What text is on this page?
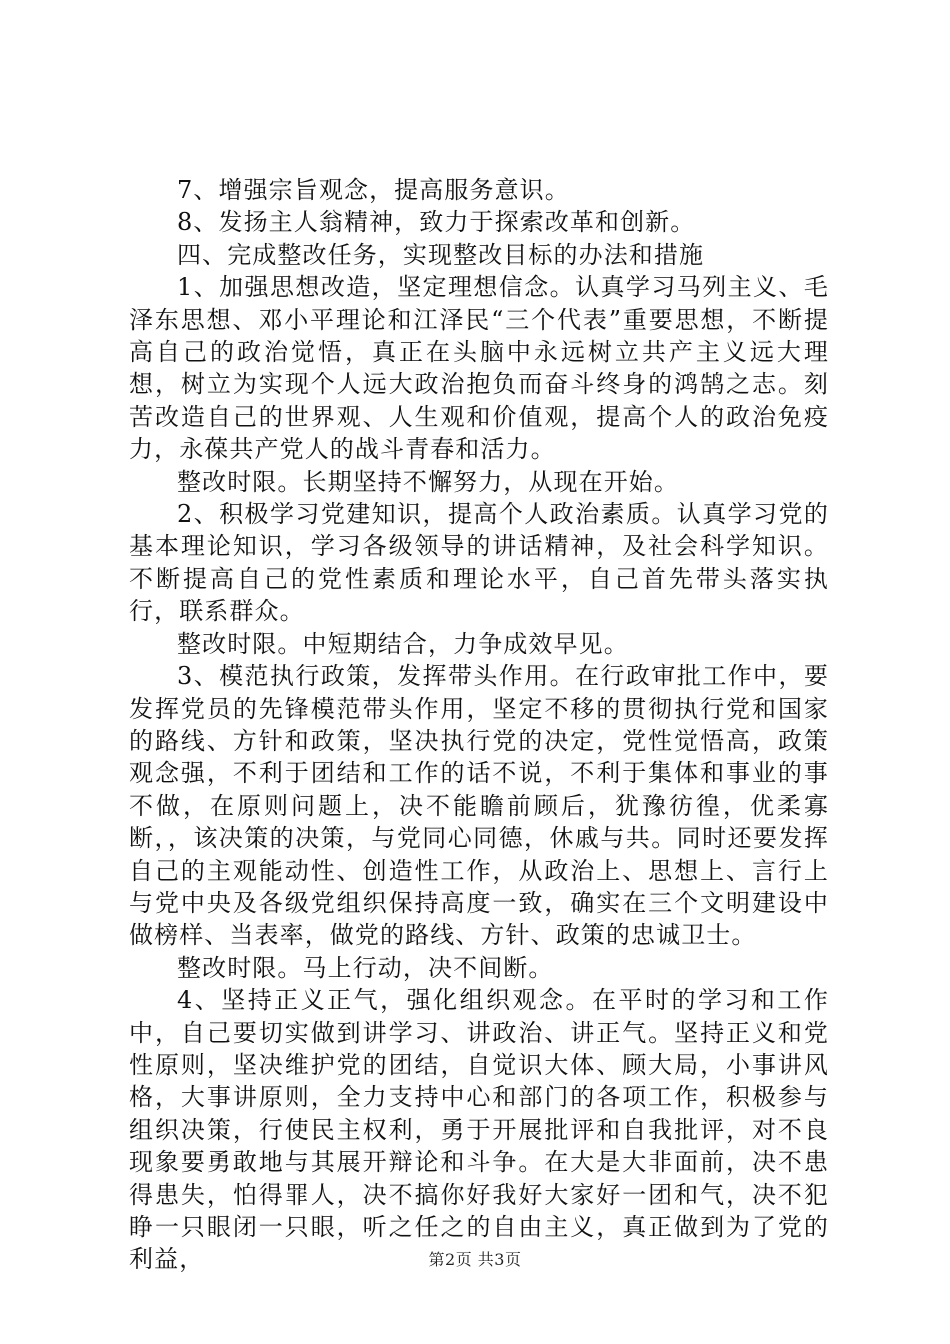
7、增强宗旨观念，提高服务意识。

8、发扬主人翁精神，致力于探索改革和创新。

四、完成整改任务，实现整改目标的办法和措施

1、加强思想改造，坚定理想信念。认真学习马列主义、毛泽东思想、邓小平理论和江泽民“三个代表”重要思想，不断提高自己的政治觉悟，真正在头脑中永远树立共产主义远大理想，树立为实现个人远大政治抱负而奋斗终身的鸿鹄之志。刻苦改造自己的世界观、人生观和价值观，提高个人的政治免疫力，永葆共产党人的战斗青春和活力。

整改时限。长期坚持不懈努力，从现在开始。

2、积极学习党建知识，提高个人政治素质。认真学习党的基本理论知识，学习各级领导的讲话精神，及社会科学知识。不断提高自己的党性素质和理论水平，自己首先带头落实执行，联系群众。

整改时限。中短期结合，力争成效早见。

3、模范执行政策，发挥带头作用。在行政审批工作中，要发挥党员的先锋模范带头作用，坚定不移的贯彻执行党和国家的路线、方针和政策，坚决执行党的决定，党性觉悟高，政策观念强，不利于团结和工作的话不说，不利于集体和事业的事不做，在原则问题上，决不能瞻前顾后，犹豫彷徨，优柔寡断，，该决策的决策，与党同心同德，休戚与共。同时还要发挥自己的主观能动性、创造性工作，从政治上、思想上、言行上与党中央及各级党组织保持高度一致，确实在三个文明建设中做榜样、当表率，做党的路线、方针、政策的忠诚卫士。

整改时限。马上行动，决不间断。

4、坚持正义正气，强化组织观念。在平时的学习和工作中，自己要切实做到讲学习、讲政治、讲正气。坚持正义和党性原则，坚决维护党的团结，自觉识大体、顾大局，小事讲风格，大事讲原则，全力支持中心和部门的各项工作，积极参与组织决策，行使民主权利，勇于开展批评和自我批评，对不良现象要勇敢地与其展开辩论和斗争。在大是大非面前，决不患得患失，怕得罪人，决不搞你好我好大家好一团和气，决不犯睁一只眼闭一只眼，听之任之的自由主义，真正做到为了党的利益，	第2页 共3页
